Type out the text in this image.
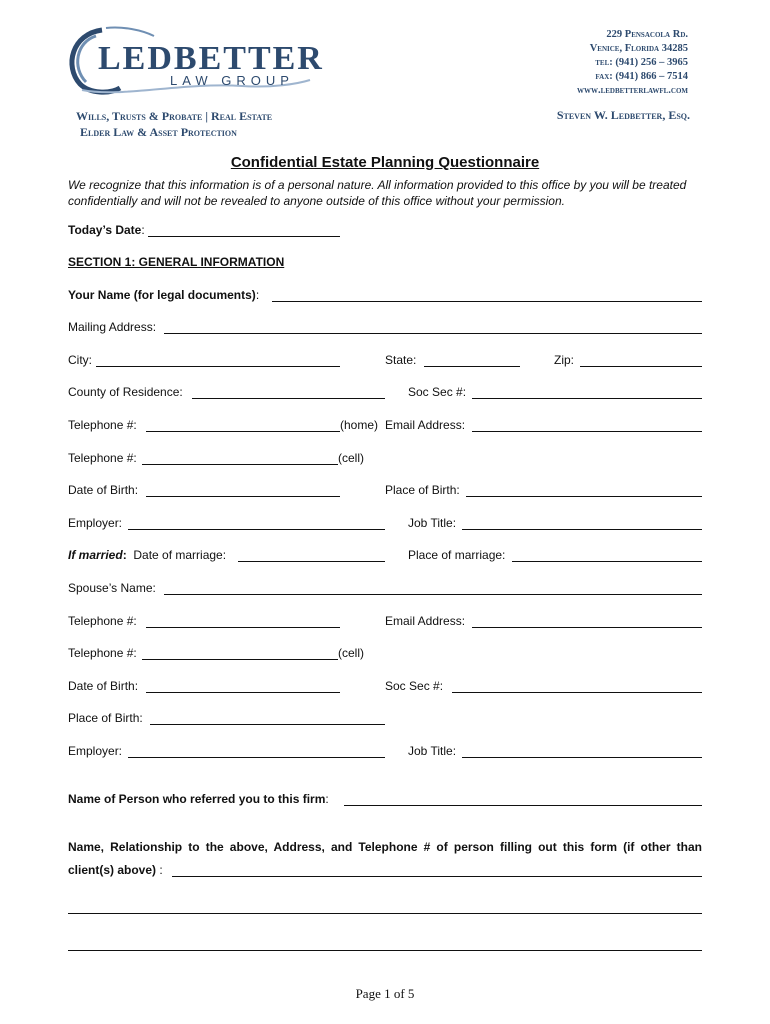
LEDBETTER
LAW GROUP
229 Pensacola Rd.
Venice, Florida 34285
tel: (941) 256 – 3965
fax: (941) 866 – 7514
www.ledbetterlawfl.com
Wills, Trusts & Probate | Real Estate
Elder Law & Asset Protection
Steven W. Ledbetter, Esq.
Confidential Estate Planning Questionnaire
We recognize that this information is of a personal nature. All information provided to this office by you will be treated confidentially and will not be revealed to anyone outside of this office without your permission.
Today’s Date:
SECTION 1: GENERAL INFORMATION
Your Name (for legal documents):
Mailing Address:
City:	State:	Zip:
County of Residence:	Soc Sec #:
Telephone #:	(home) Email Address:
Telephone #:	(cell)
Date of Birth:	Place of Birth:
Employer:	Job Title:
If married: Date of marriage:	Place of marriage:
Spouse’s Name:
Telephone #:	Email Address:
Telephone #:	(cell)
Date of Birth:	Soc Sec #:
Place of Birth:
Employer:	Job Title:
Name of Person who referred you to this firm:
Name, Relationship to the above, Address, and Telephone # of person filling out this form (if other than
client(s) above) :
Page 1 of 5
